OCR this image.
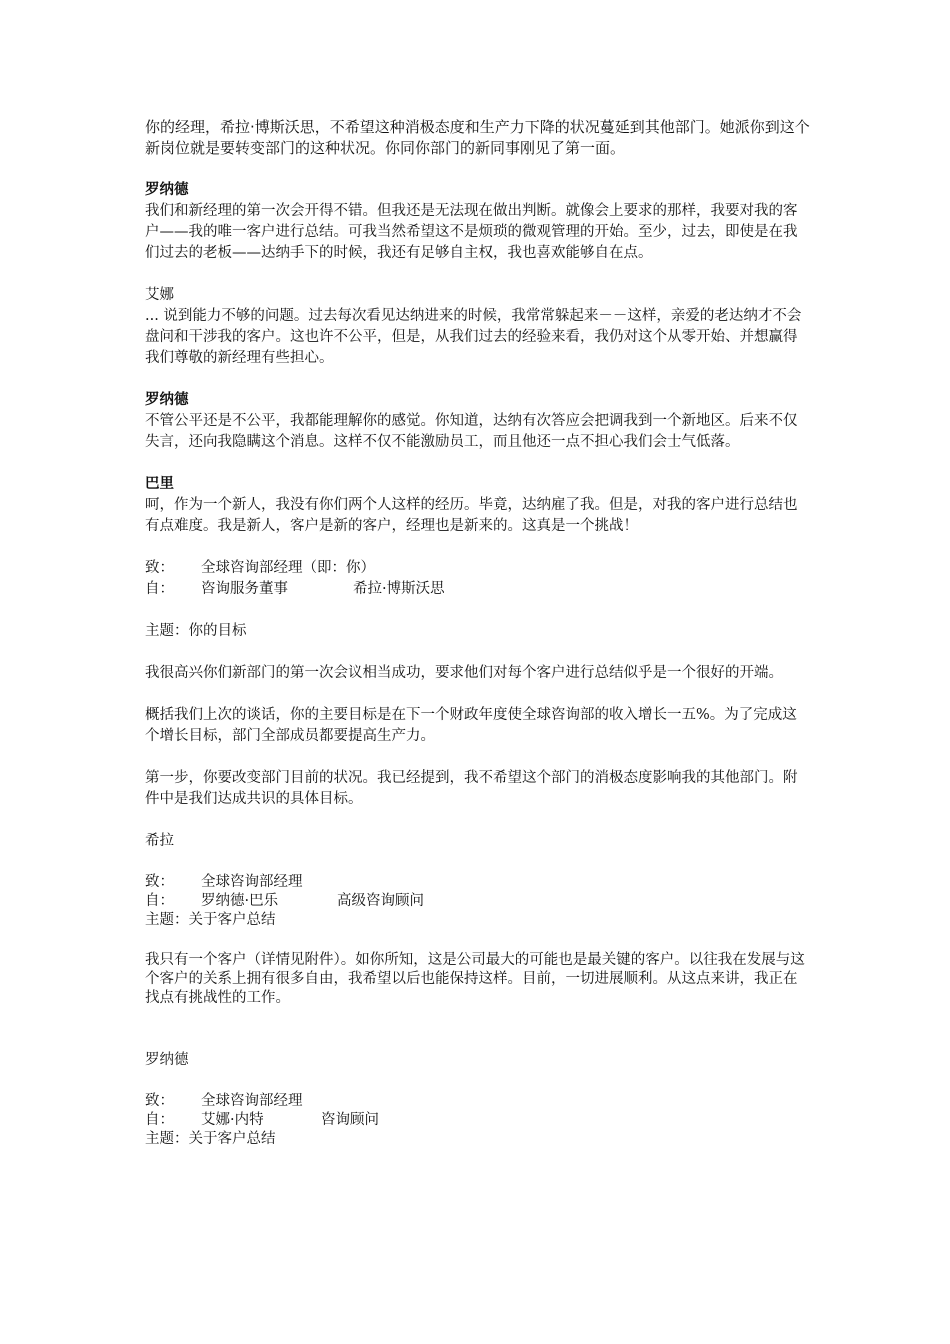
你的经理，希拉·博斯沃思，不希望这种消极态度和生产力下降的状况蔓延到其他部门。她派你到这个新岗位就是要转变部门的这种状况。你同你部门的新同事刚见了第一面。

罗纳德

我们和新经理的第一次会开得不错。但我还是无法现在做出判断。就像会上要求的那样，我要对我的客户——我的唯一客户进行总结。可我当然希望这不是烦琐的微观管理的开始。至少，过去，即使是在我们过去的老板——达纳手下的时候，我还有足够自主权，我也喜欢能够自在点。

艾娜

... 说到能力不够的问题。过去每次看见达纳进来的时候，我常常躲起来－－这样，亲爱的老达纳才不会盘问和干涉我的客户。这也许不公平，但是，从我们过去的经验来看，我仍对这个从零开始、并想赢得我们尊敬的新经理有些担心。

罗纳德

不管公平还是不公平，我都能理解你的感觉。你知道，达纳有次答应会把调我到一个新地区。后来不仅失言，还向我隐瞒这个消息。这样不仅不能激励员工，而且他还一点不担心我们会士气低落。

巴里

呵，作为一个新人，我没有你们两个人这样的经历。毕竟，达纳雇了我。但是，对我的客户进行总结也有点难度。我是新人，客户是新的客户，经理也是新来的。这真是一个挑战！

致： 全球咨询部经理（即：你）

自： 咨询服务董事	希拉·博斯沃思

主题：你的目标

我很高兴你们新部门的第一次会议相当成功，要求他们对每个客户进行总结似乎是一个很好的开端。

概括我们上次的谈话，你的主要目标是在下一个财政年度使全球咨询部的收入增长一五%。为了完成这个增长目标，部门全部成员都要提高生产力。

第一步，你要改变部门目前的状况。我已经提到，我不希望这个部门的消极态度影响我的其他部门。附件中是我们达成共识的具体目标。

希拉

致： 全球咨询部经理

自： 罗纳德·巴乐	高级咨询顾问

主题：关于客户总结

我只有一个客户（详情见附件）。如你所知，这是公司最大的可能也是最关键的客户。以往我在发展与这个客户的关系上拥有很多自由，我希望以后也能保持这样。目前，一切进展顺利。从这点来讲，我正在找点有挑战性的工作。

罗纳德

致： 全球咨询部经理

自： 艾娜·内特	咨询顾问

主题：关于客户总结
